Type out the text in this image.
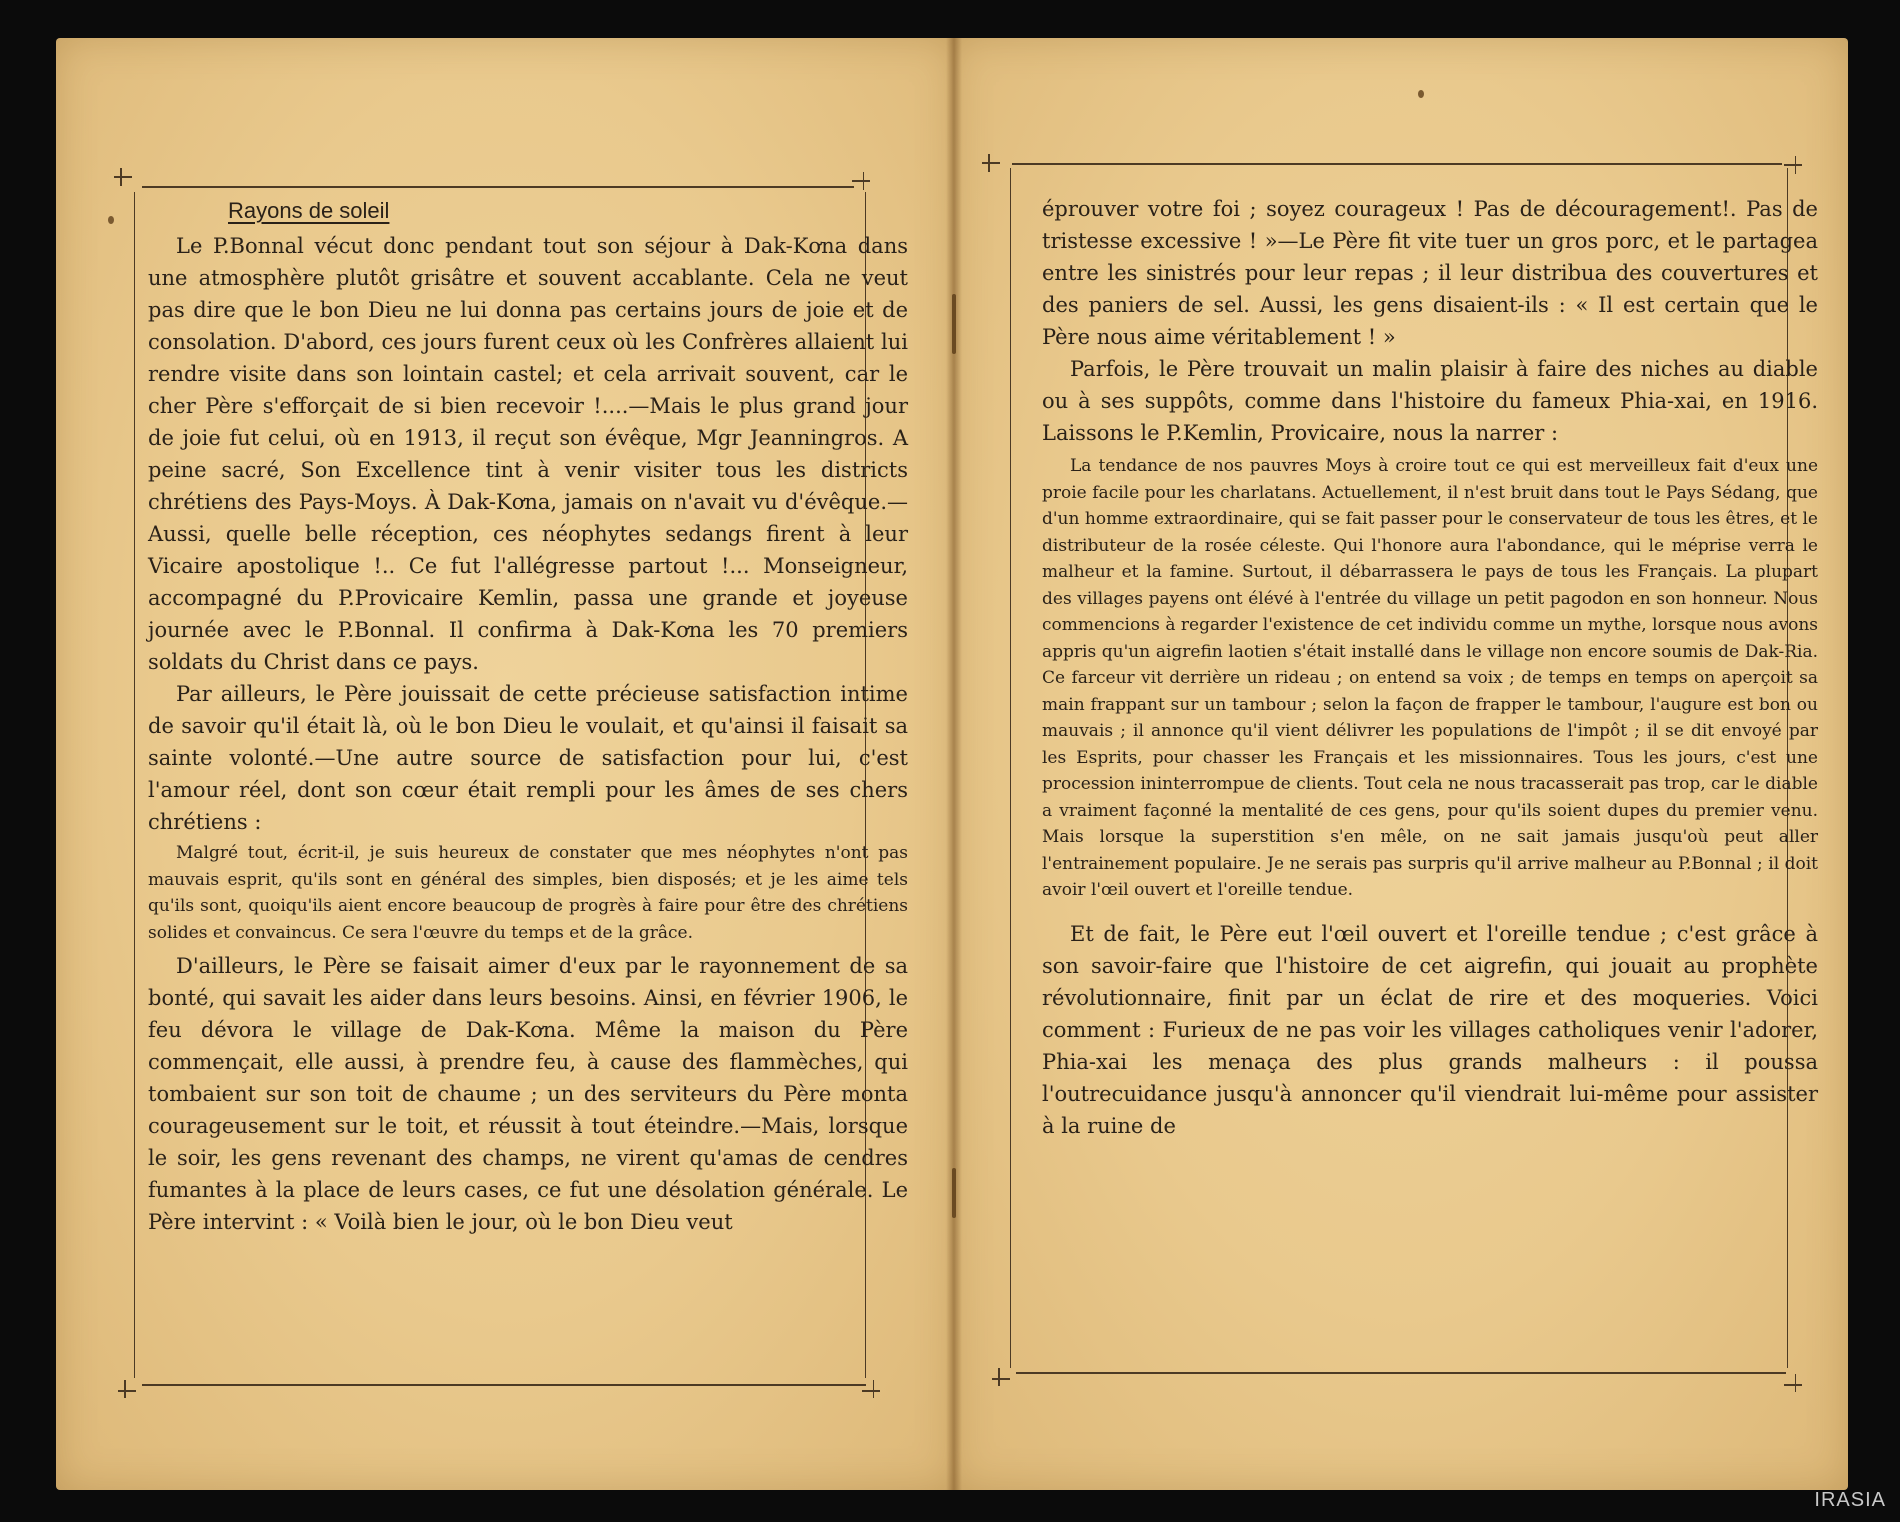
Rayons de soleil

Le P.Bonnal vécut donc pendant tout son séjour à Dak-Kơna dans une atmosphère plutôt grisâtre et souvent accablante. Cela ne veut pas dire que le bon Dieu ne lui donna pas certains jours de joie et de consolation. D'abord, ces jours furent ceux où les Confrères allaient lui rendre visite dans son lointain castel; et cela arrivait souvent, car le cher Père s'efforçait de si bien recevoir !....—Mais le plus grand jour de joie fut celui, où en 1913, il reçut son évêque, Mgr Jeanningros. A peine sacré, Son Excellence tint à venir visiter tous les districts chrétiens des Pays-Moys. À Dak-Kơna, jamais on n'avait vu d'évêque.—Aussi, quelle belle réception, ces néophytes sedangs firent à leur Vicaire apostolique !.. Ce fut l'allégresse partout !... Monseigneur, accompagné du P.Provicaire Kemlin, passa une grande et joyeuse journée avec le P.Bonnal. Il confirma à Dak-Kơna les 70 premiers soldats du Christ dans ce pays.

Par ailleurs, le Père jouissait de cette précieuse satisfaction intime de savoir qu'il était là, où le bon Dieu le voulait, et qu'ainsi il faisait sa sainte volonté.—Une autre source de satisfaction pour lui, c'est l'amour réel, dont son cœur était rempli pour les âmes de ses chers chrétiens :

Malgré tout, écrit-il, je suis heureux de constater que mes néophytes n'ont pas mauvais esprit, qu'ils sont en général des simples, bien disposés; et je les aime tels qu'ils sont, quoiqu'ils aient encore beaucoup de progrès à faire pour être des chrétiens solides et convaincus. Ce sera l'œuvre du temps et de la grâce.

D'ailleurs, le Père se faisait aimer d'eux par le rayonnement de sa bonté, qui savait les aider dans leurs besoins. Ainsi, en février 1906, le feu dévora le village de Dak-Kơna. Même la maison du Père commençait, elle aussi, à prendre feu, à cause des flammèches, qui tombaient sur son toit de chaume ; un des serviteurs du Père monta courageusement sur le toit, et réussit à tout éteindre.—Mais, lorsque le soir, les gens revenant des champs, ne virent qu'amas de cendres fumantes à la place de leurs cases, ce fut une désolation générale. Le Père intervint : « Voilà bien le jour, où le bon Dieu veut

éprouver votre foi ; soyez courageux ! Pas de découragement!. Pas de tristesse excessive ! »—Le Père fit vite tuer un gros porc, et le partagea entre les sinistrés pour leur repas ; il leur distribua des couvertures et des paniers de sel. Aussi, les gens disaient-ils : « Il est certain que le Père nous aime véritablement ! »

Parfois, le Père trouvait un malin plaisir à faire des niches au diable ou à ses suppôts, comme dans l'histoire du fameux Phia-xai, en 1916. Laissons le P.Kemlin, Provicaire, nous la narrer :

La tendance de nos pauvres Moys à croire tout ce qui est merveilleux fait d'eux une proie facile pour les charlatans. Actuellement, il n'est bruit dans tout le Pays Sédang, que d'un homme extraordinaire, qui se fait passer pour le conservateur de tous les êtres, et le distributeur de la rosée céleste. Qui l'honore aura l'abondance, qui le méprise verra le malheur et la famine. Surtout, il débarrassera le pays de tous les Français. La plupart des villages payens ont élévé à l'entrée du village un petit pagodon en son honneur. Nous commencions à regarder l'existence de cet individu comme un mythe, lorsque nous avons appris qu'un aigrefin laotien s'était installé dans le village non encore soumis de Dak-Ria. Ce farceur vit derrière un rideau ; on entend sa voix ; de temps en temps on aperçoit sa main frappant sur un tambour ; selon la façon de frapper le tambour, l'augure est bon ou mauvais ; il annonce qu'il vient délivrer les populations de l'impôt ; il se dit envoyé par les Esprits, pour chasser les Français et les missionnaires. Tous les jours, c'est une procession ininterrompue de clients. Tout cela ne nous tracasserait pas trop, car le diable a vraiment façonné la mentalité de ces gens, pour qu'ils soient dupes du premier venu. Mais lorsque la superstition s'en mêle, on ne sait jamais jusqu'où peut aller l'entrainement populaire. Je ne serais pas surpris qu'il arrive malheur au P.Bonnal ; il doit avoir l'œil ouvert et l'oreille tendue.

Et de fait, le Père eut l'œil ouvert et l'oreille tendue ; c'est grâce à son savoir-faire que l'histoire de cet aigrefin, qui jouait au prophète révolutionnaire, finit par un éclat de rire et des moqueries. Voici comment : Furieux de ne pas voir les villages catholiques venir l'adorer, Phia-xai les menaça des plus grands malheurs : il poussa l'outrecuidance jusqu'à annoncer qu'il viendrait lui-même pour assister à la ruine de

IRASIA
